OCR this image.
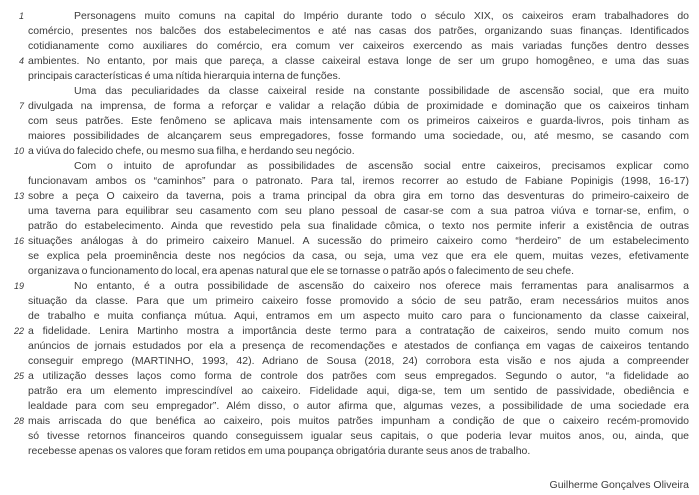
1	Personagens muito comuns na capital do Império durante todo o século XIX, os caixeiros eram trabalhadores do
comércio, presentes nos balcões dos estabelecimentos e até nas casas dos patrões, organizando suas finanças. Identificados
cotidianamente como auxiliares do comércio, era comum ver caixeiros exercendo as mais variadas funções dentro desses
4 ambientes. No entanto, por mais que pareça, a classe caixeiral estava longe de ser um grupo homogêneo, e uma das suas
principais características é uma nítida hierarquia interna de funções.
Uma das peculiaridades da classe caixeiral reside na constante possibilidade de ascensão social, que era muito
7 divulgada na imprensa, de forma a reforçar e validar a relação dúbia de proximidade e dominação que os caixeiros tinham
com seus patrões. Este fenômeno se aplicava mais intensamente com os primeiros caixeiros e guarda-livros, pois tinham as
maiores possibilidades de alcançarem seus empregadores, fosse formando uma sociedade, ou, até mesmo, se casando com
10 a viúva do falecido chefe, ou mesmo sua filha, e herdando seu negócio.
Com o intuito de aprofundar as possibilidades de ascensão social entre caixeiros, precisamos explicar como
funcionavam ambos os “caminhos” para o patronato. Para tal, iremos recorrer ao estudo de Fabiane Popinigis (1998, 16-17)
13 sobre a peça O caixeiro da taverna, pois a trama principal da obra gira em torno das desventuras do primeiro-caixeiro de
uma taverna para equilibrar seu casamento com seu plano pessoal de casar-se com a sua patroa viúva e tornar-se, enfim, o
patrão do estabelecimento. Ainda que revestido pela sua finalidade cômica, o texto nos permite inferir a existência de outras
16 situações análogas à do primeiro caixeiro Manuel. A sucessão do primeiro caixeiro como “herdeiro” de um estabelecimento
se explica pela proeminência deste nos negócios da casa, ou seja, uma vez que era ele quem, muitas vezes, efetivamente
organizava o funcionamento do local, era apenas natural que ele se tornasse o patrão após o falecimento de seu chefe.
19	No entanto, é a outra possibilidade de ascensão do caixeiro nos oferece mais ferramentas para analisarmos a
situação da classe. Para que um primeiro caixeiro fosse promovido a sócio de seu patrão, eram necessários muitos anos
de trabalho e muita confiança mútua. Aqui, entramos em um aspecto muito caro para o funcionamento da classe caixeiral,
22 a fidelidade. Lenira Martinho mostra a importância deste termo para a contratação de caixeiros, sendo muito comum nos
anúncios de jornais estudados por ela a presença de recomendações e atestados de confiança em vagas de caixeiros tentando
conseguir emprego (MARTINHO, 1993, 42). Adriano de Sousa (2018, 24) corrobora esta visão e nos ajuda a compreender
25 a utilização desses laços como forma de controle dos patrões com seus empregados. Segundo o autor, “a fidelidade ao
patrão era um elemento imprescindível ao caixeiro. Fidelidade aqui, diga-se, tem um sentido de passividade, obediência e
lealdade para com seu empregador”. Além disso, o autor afirma que, algumas vezes, a possibilidade de uma sociedade era
28 mais arriscada do que benéfica ao caixeiro, pois muitos patrões impunham a condição de que o caixeiro recém-promovido
só tivesse retornos financeiros quando conseguissem igualar seus capitais, o que poderia levar muitos anos, ou, ainda, que
recebesse apenas os valores que foram retidos em uma poupança obrigatória durante seus anos de trabalho.
Guilherme Gonçalves Oliveira
